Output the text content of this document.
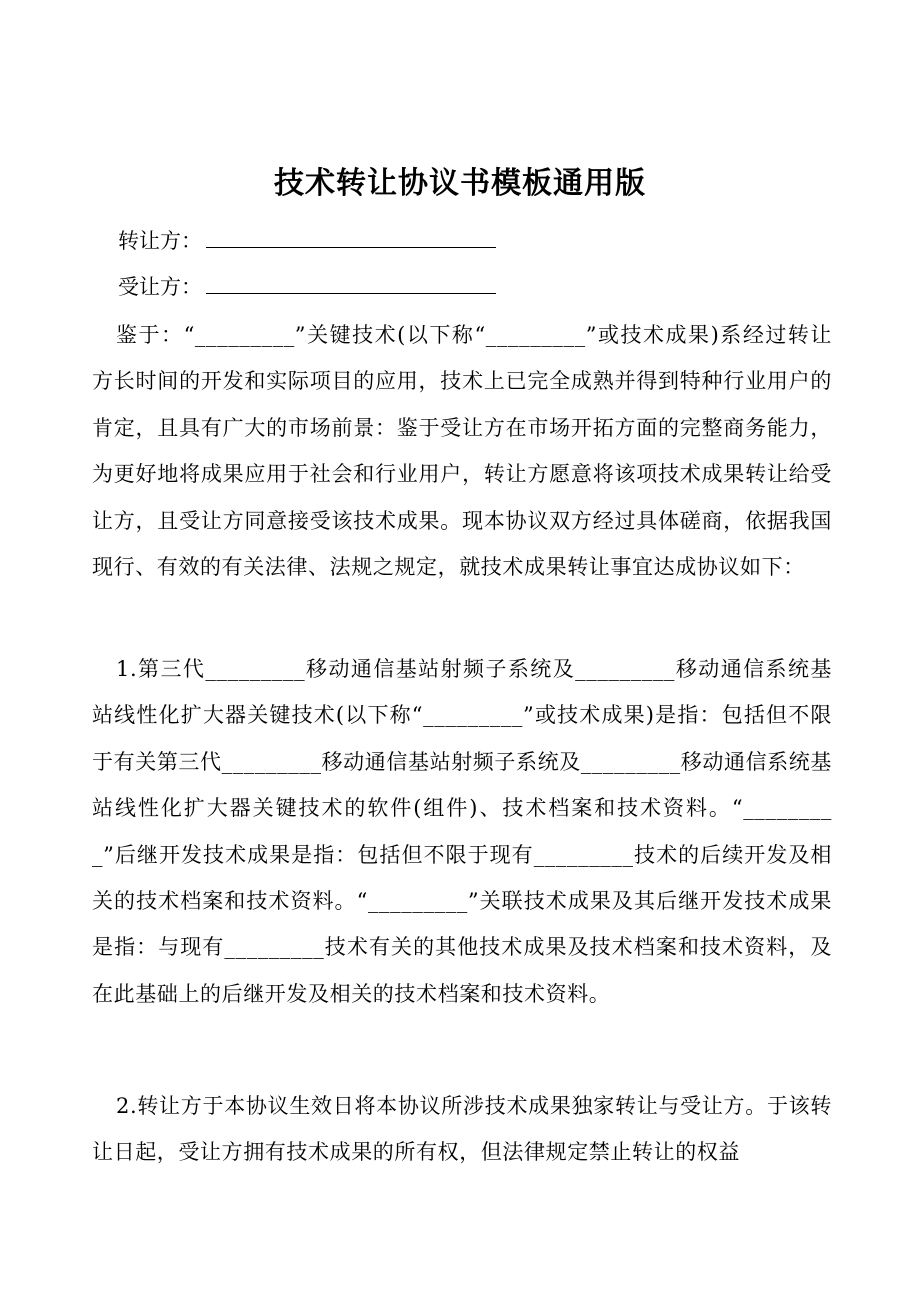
技术转让协议书模板通用版
转让方：
受让方：
鉴于：“_________”关键技术(以下称“_________”或技术成果)系经过转让方长时间的开发和实际项目的应用，技术上已完全成熟并得到特种行业用户的肯定，且具有广大的市场前景：鉴于受让方在市场开拓方面的完整商务能力，为更好地将成果应用于社会和行业用户，转让方愿意将该项技术成果转让给受让方，且受让方同意接受该技术成果。现本协议双方经过具体磋商，依据我国现行、有效的有关法律、法规之规定，就技术成果转让事宜达成协议如下：
1.第三代_________移动通信基站射频子系统及_________移动通信系统基站线性化扩大器关键技术(以下称“_________”或技术成果)是指：包括但不限于有关第三代_________移动通信基站射频子系统及_________移动通信系统基站线性化扩大器关键技术的软件(组件)、技术档案和技术资料。“_________”后继开发技术成果是指：包括但不限于现有_________技术的后续开发及相关的技术档案和技术资料。“_________”关联技术成果及其后继开发技术成果是指：与现有_________技术有关的其他技术成果及技术档案和技术资料，及在此基础上的后继开发及相关的技术档案和技术资料。
2.转让方于本协议生效日将本协议所涉技术成果独家转让与受让方。于该转让日起，受让方拥有技术成果的所有权，但法律规定禁止转让的权益
